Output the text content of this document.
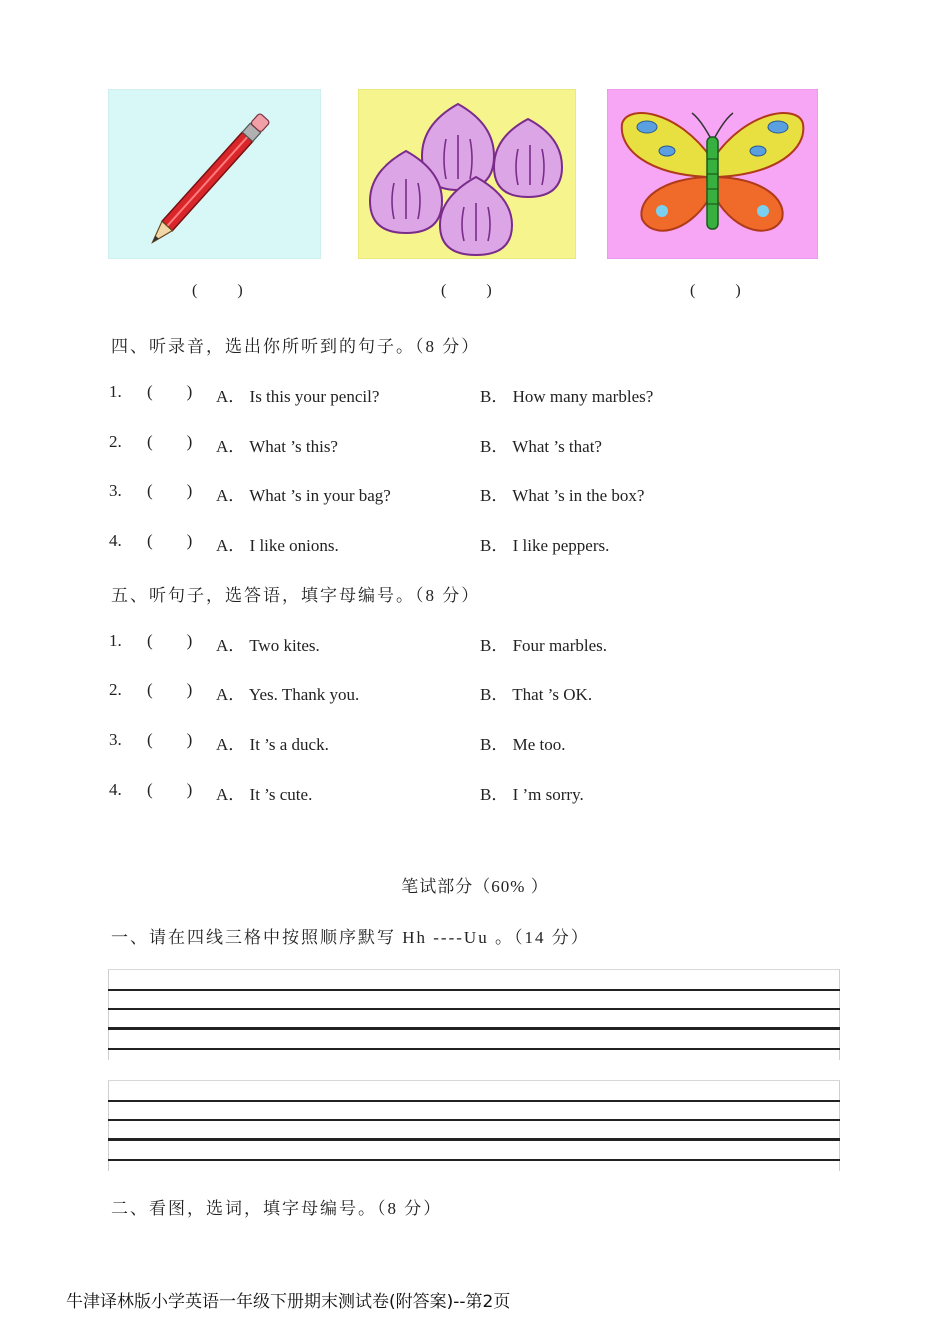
(          )	(          )	(          )
四、听录音，选出你所听到的句子。（8 分）
1. (        ) A． Is this your pencil?	B． How many marbles?
2. (        ) A． What ’s this?	B． What ’s that?
3. (        ) A． What ’s in your bag?	B． What ’s in the box?
4. (        ) A． I like onions.	B． I like peppers.
五、听句子，选答语，填字母编号。（8 分）
1. (        ) A． Two kites.	B． Four marbles.
2. (        ) A． Yes. Thank you.	B． That ’s OK.
3. (        ) A． It ’s a duck.	B． Me too.
4. (        ) A． It ’s cute.	B． I ’m sorry.
笔试部分（60% ）
一、请在四线三格中按照顺序默写 Hh ----Uu 。（14 分）
二、看图，选词，填字母编号。（8 分）
牛津译林版小学英语一年级下册期末测试卷(附答案)--第2页
